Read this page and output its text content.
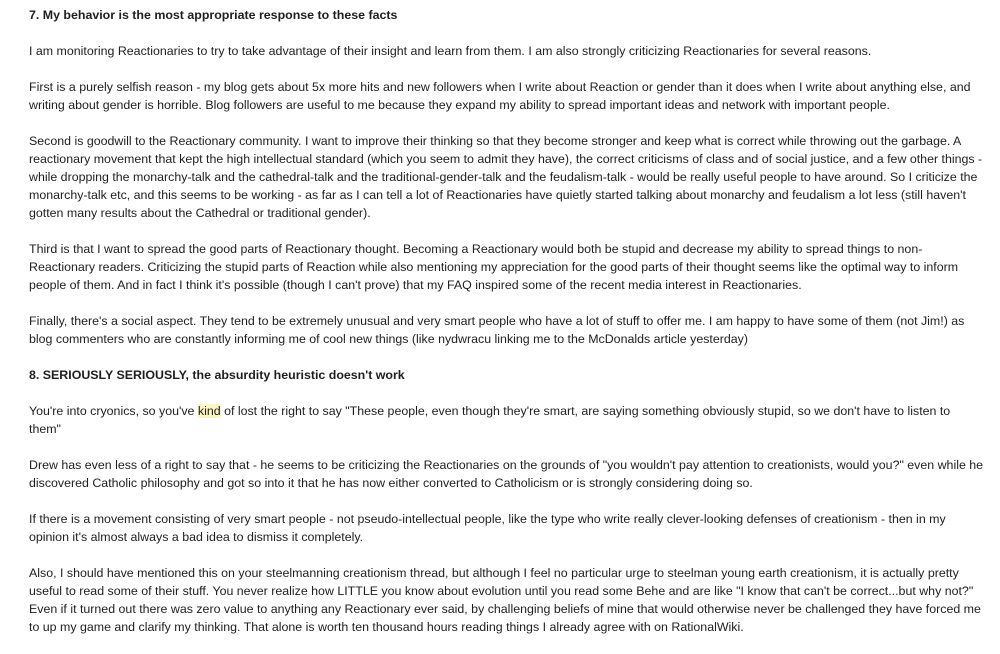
7. My behavior is the most appropriate response to these facts
I am monitoring Reactionaries to try to take advantage of their insight and learn from them. I am also strongly criticizing Reactionaries for several reasons.
First is a purely selfish reason - my blog gets about 5x more hits and new followers when I write about Reaction or gender than it does when I write about anything else, and
writing about gender is horrible. Blog followers are useful to me because they expand my ability to spread important ideas and network with important people.
Second is goodwill to the Reactionary community. I want to improve their thinking so that they become stronger and keep what is correct while throwing out the garbage. A
reactionary movement that kept the high intellectual standard (which you seem to admit they have), the correct criticisms of class and of social justice, and a few other things -
while dropping the monarchy-talk and the cathedral-talk and the traditional-gender-talk and the feudalism-talk - would be really useful people to have around. So I criticize the
monarchy-talk etc, and this seems to be working - as far as I can tell a lot of Reactionaries have quietly started talking about monarchy and feudalism a lot less (still haven't
gotten many results about the Cathedral or traditional gender).
Third is that I want to spread the good parts of Reactionary thought. Becoming a Reactionary would both be stupid and decrease my ability to spread things to non-
Reactionary readers. Criticizing the stupid parts of Reaction while also mentioning my appreciation for the good parts of their thought seems like the optimal way to inform
people of them. And in fact I think it's possible (though I can't prove) that my FAQ inspired some of the recent media interest in Reactionaries.
Finally, there's a social aspect. They tend to be extremely unusual and very smart people who have a lot of stuff to offer me. I am happy to have some of them (not Jim!) as
blog commenters who are constantly informing me of cool new things (like nydwracu linking me to the McDonalds article yesterday)
8. SERIOUSLY SERIOUSLY, the absurdity heuristic doesn't work
You're into cryonics, so you've kind of lost the right to say "These people, even though they're smart, are saying something obviously stupid, so we don't have to listen to
them"
Drew has even less of a right to say that - he seems to be criticizing the Reactionaries on the grounds of "you wouldn't pay attention to creationists, would you?" even while he
discovered Catholic philosophy and got so into it that he has now either converted to Catholicism or is strongly considering doing so.
If there is a movement consisting of very smart people - not pseudo-intellectual people, like the type who write really clever-looking defenses of creationism - then in my
opinion it's almost always a bad idea to dismiss it completely.
Also, I should have mentioned this on your steelmanning creationism thread, but although I feel no particular urge to steelman young earth creationism, it is actually pretty
useful to read some of their stuff. You never realize how LITTLE you know about evolution until you read some Behe and are like "I know that can't be correct...but why not?"
Even if it turned out there was zero value to anything any Reactionary ever said, by challenging beliefs of mine that would otherwise never be challenged they have forced me
to up my game and clarify my thinking. That alone is worth ten thousand hours reading things I already agree with on RationalWiki.
